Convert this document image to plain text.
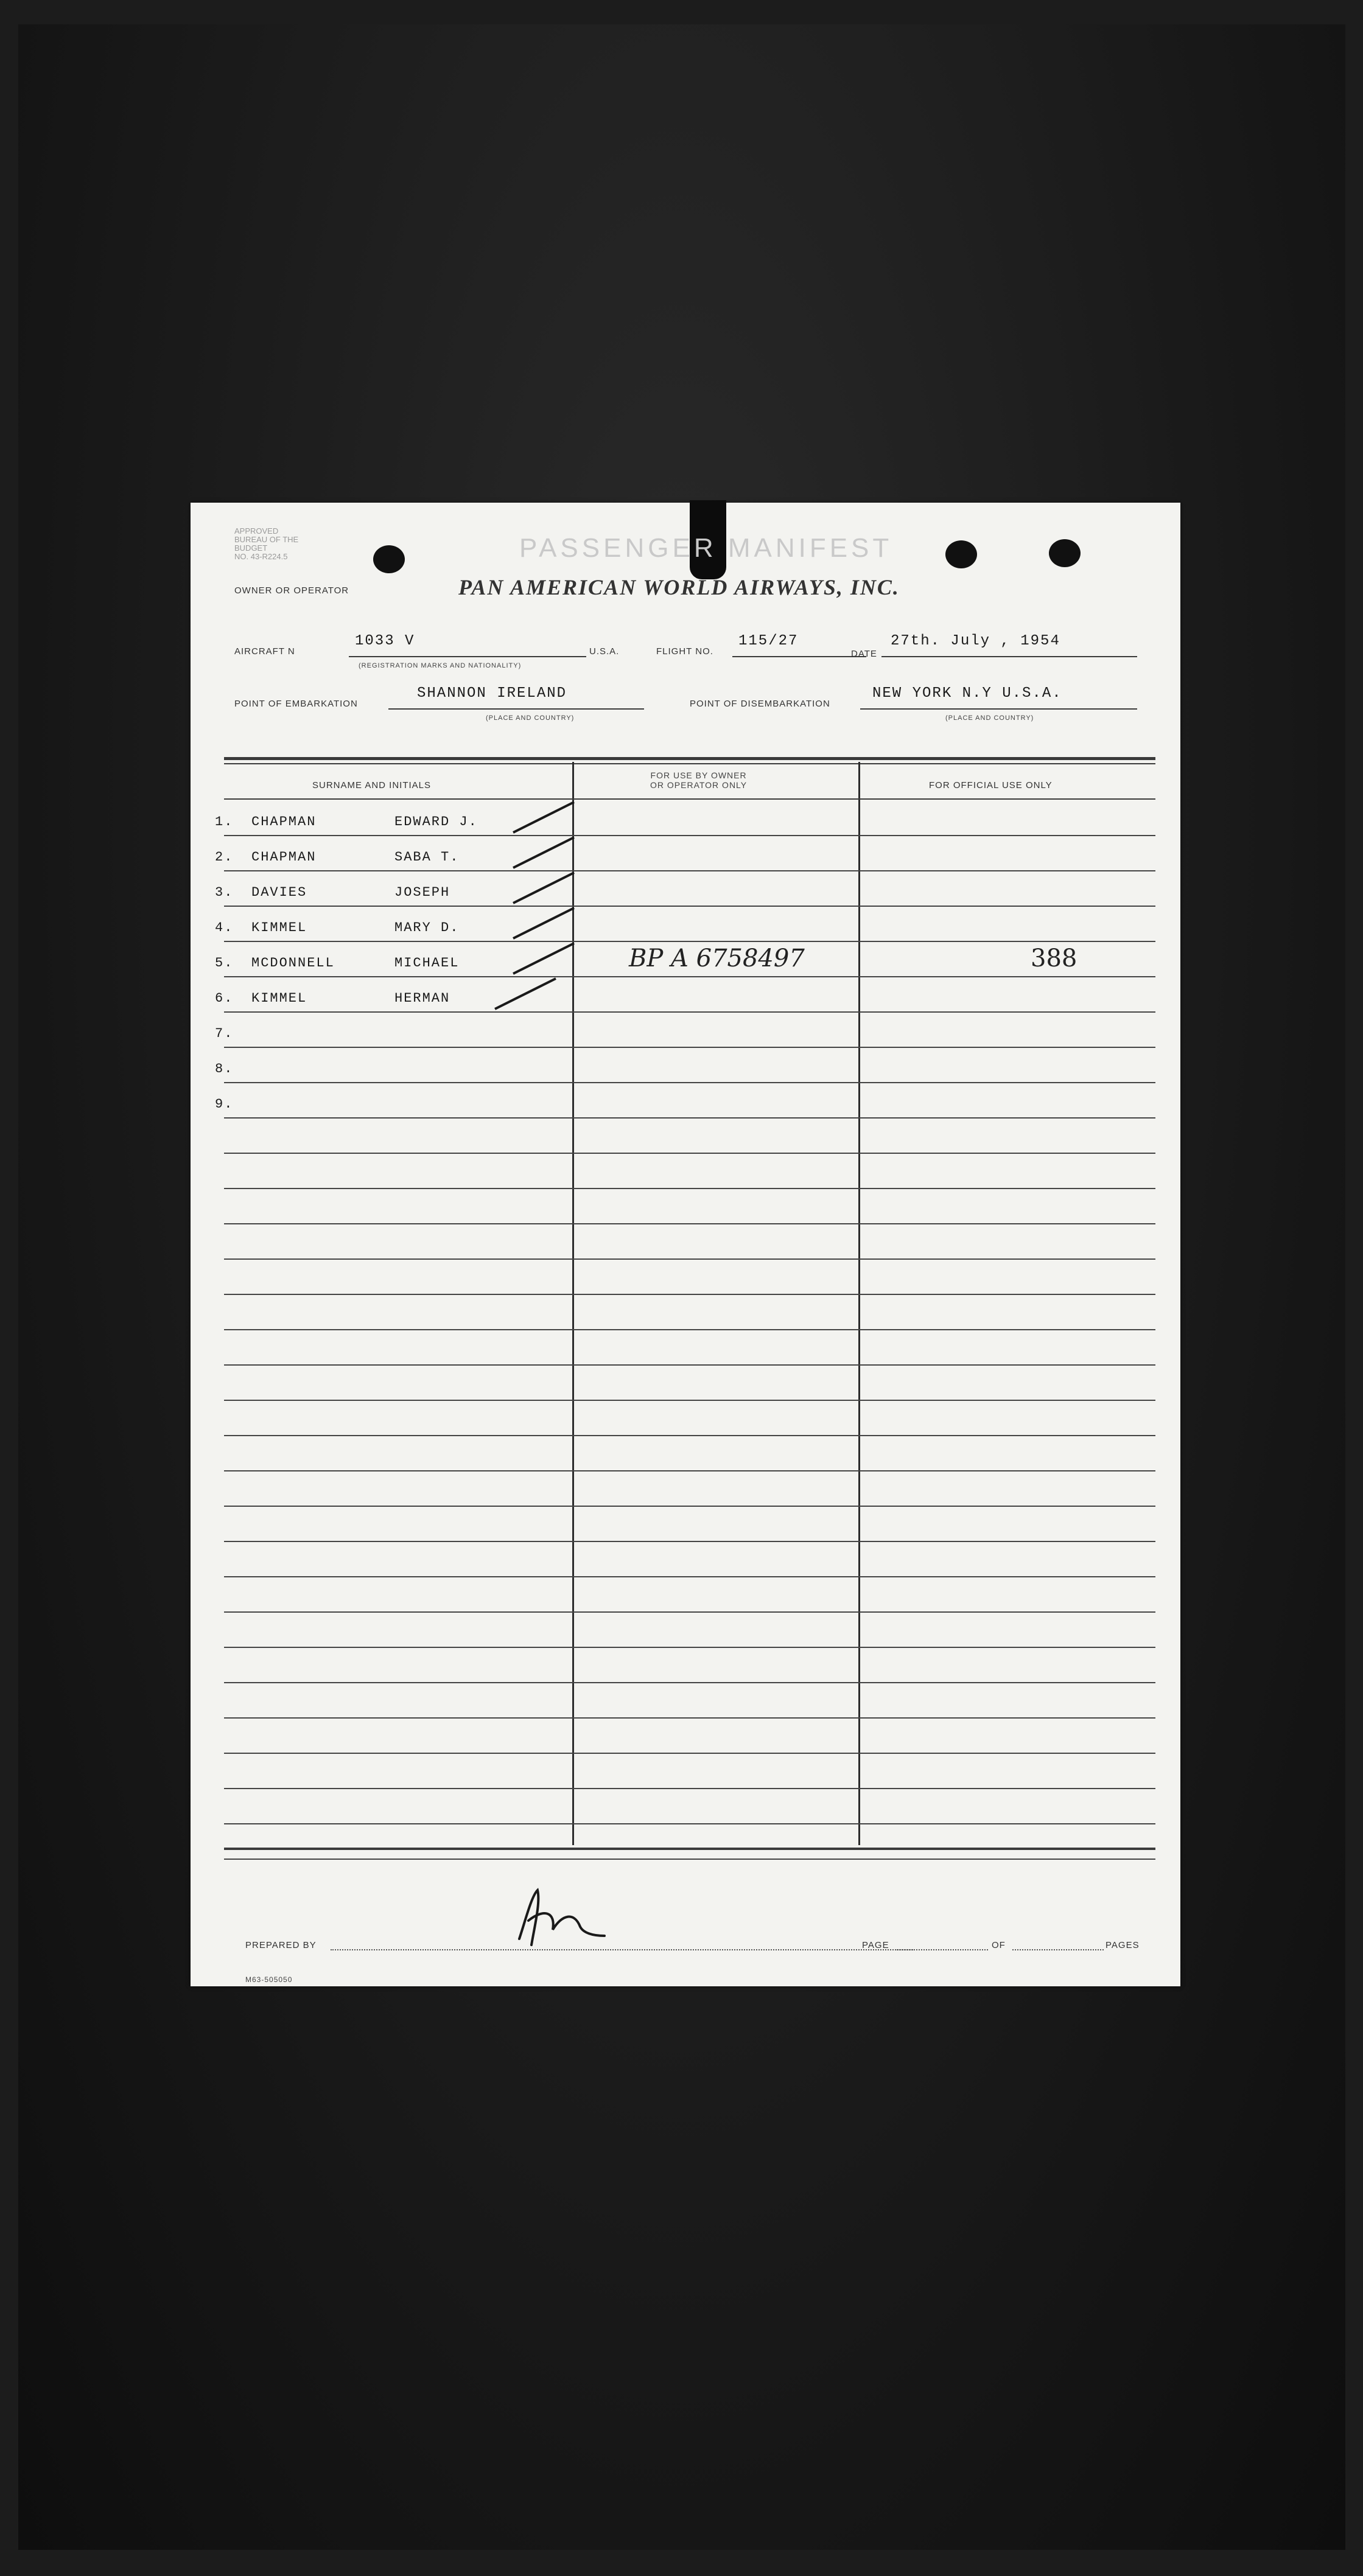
APPROVED
BUREAU OF THE
BUDGET
NO. 43-R224.5	PASSENGER MANIFEST
OWNER OR OPERATOR	PAN AMERICAN WORLD AIRWAYS, INC.
AIRCRAFT N
1033 V
(REGISTRATION MARKS AND NATIONALITY)
U.S.A.	FLIGHT NO.
115/27
DATE
27th. July , 1954
POINT OF EMBARKATION
SHANNON IRELAND
(PLACE AND COUNTRY)
POINT OF DISEMBARKATION
NEW YORK N.Y U.S.A.
(PLACE AND COUNTRY)
SURNAME AND INITIALS
FOR USE BY OWNER
OR OPERATOR ONLY	FOR OFFICIAL USE ONLY
1. CHAPMAN	EDWARD J.
2. CHAPMAN	SABA T.
3. DAVIES	JOSEPH
4. KIMMEL	MARY D.
5. MCDONNELL	MICHAEL	BP A 6758497	388
6. KIMMEL	HERMAN
7.
8.
9.
PREPARED BY	PAGE	OF	PAGES
M63-505050
